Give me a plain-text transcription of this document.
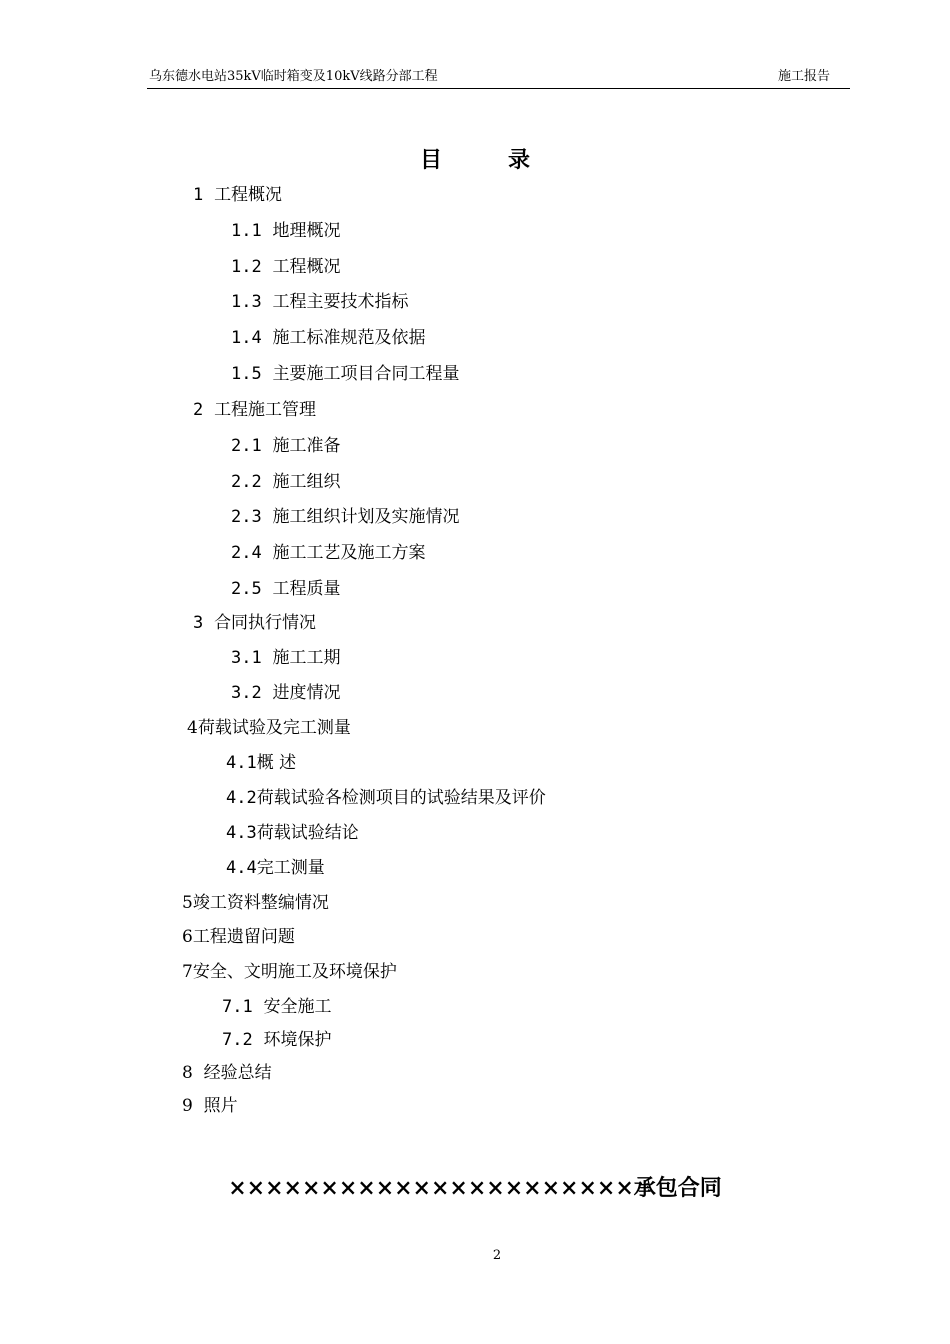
乌东德水电站35kV临时箱变及10kV线路分部工程	施工报告
目	录
1 工程概况
1.1 地理概况
1.2 工程概况
1.3 工程主要技术指标
1.4 施工标准规范及依据
1.5 主要施工项目合同工程量
2 工程施工管理
2.1 施工准备
2.2 施工组织
2.3 施工组织计划及实施情况
2.4 施工工艺及施工方案
2.5 工程质量
3 合同执行情况
3.1 施工工期
3.2 进度情况
4荷载试验及完工测量
4.1概 述
4.2荷载试验各检测项目的试验结果及评价
4.3荷载试验结论
4.4完工测量
5竣工资料整编情况
6工程遗留问题
7安全、文明施工及环境保护
7.1 安全施工
7.2 环境保护
8 经验总结
9 照片
××××××××××××××××××××××承包合同
2
